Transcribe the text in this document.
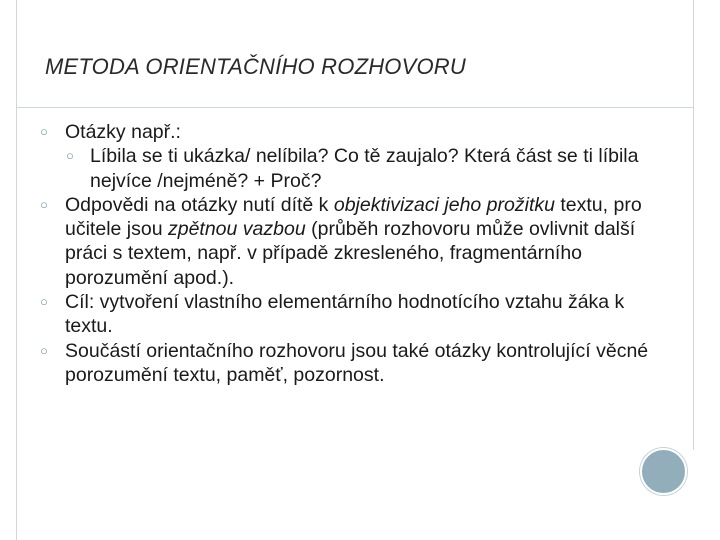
METODA ORIENTAČNÍHO ROZHOVORU
○ Otázky např.:
○ Líbila se ti ukázka/ nelíbila? Co tě zaujalo? Která část se ti líbila nejvíce /nejméně? + Proč?
○ Odpovědi na otázky nutí dítě k objektivizaci jeho prožitku textu, pro učitele jsou zpětnou vazbou (průběh rozhovoru může ovlivnit další práci s textem, např. v případě zkresleného, fragmentárního porozumění apod.).
○ Cíl: vytvoření vlastního elementárního hodnotícího vztahu žáka k textu.
○ Součástí orientačního rozhovoru jsou také otázky kontrolující věcné porozumění textu, paměť, pozornost.
